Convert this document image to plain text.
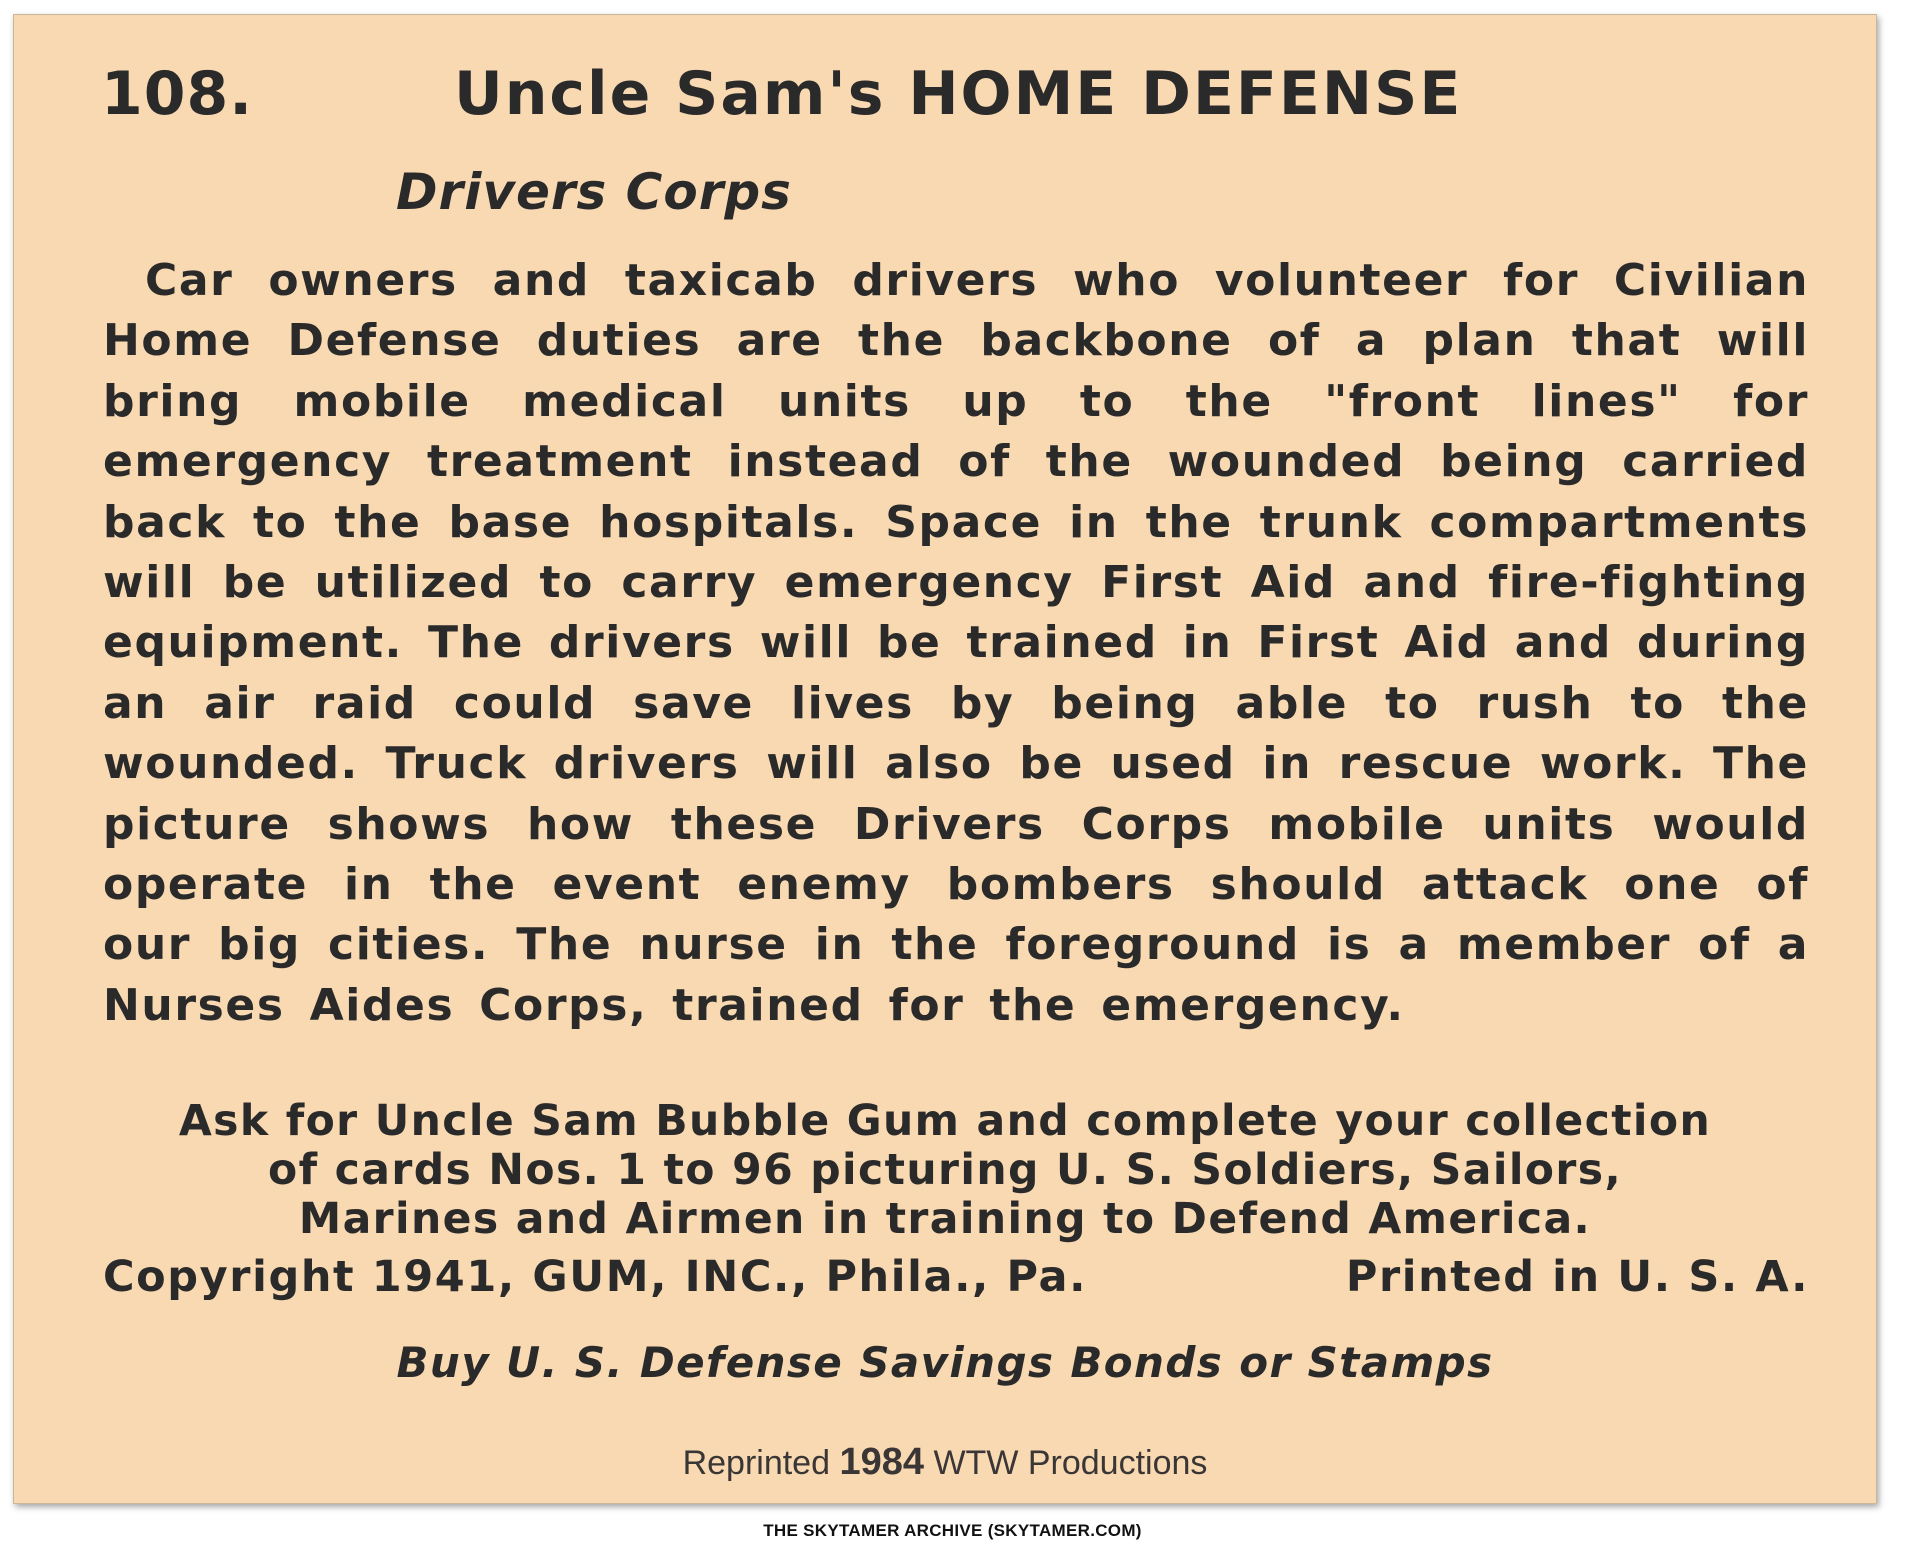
108.	Uncle Sam's HOME DEFENSE
Drivers Corps

Car owners and taxicab drivers who volunteer for Civilian Home Defense duties are the backbone of a plan that will bring mobile medical units up to the "front lines" for emergency treatment instead of the wounded being carried back to the base hospitals. Space in the trunk compartments will be utilized to carry emergency First Aid and fire-fighting equipment. The drivers will be trained in First Aid and during an air raid could save lives by being able to rush to the wounded. Truck drivers will also be used in rescue work. The picture shows how these Drivers Corps mobile units would operate in the event enemy bombers should attack one of our big cities. The nurse in the foreground is a member of a Nurses Aides Corps, trained for the emergency.

Ask for Uncle Sam Bubble Gum and complete your collection
of cards Nos. 1 to 96 picturing U. S. Soldiers, Sailors,
Marines and Airmen in training to Defend America.
Copyright 1941, GUM, INC., Phila., Pa.	Printed in U. S. A.
Buy U. S. Defense Savings Bonds or Stamps
Reprinted 1984 WTW Productions
THE SKYTAMER ARCHIVE (SKYTAMER.COM)
